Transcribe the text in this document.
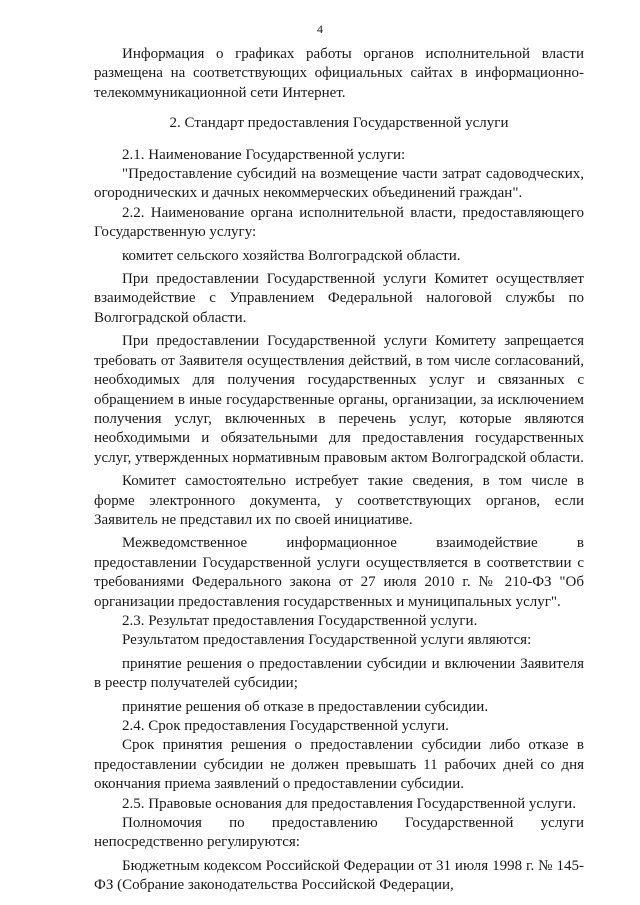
4

Информация о графиках работы органов исполнительной власти размещена на соответствующих официальных сайтах в информационно-телекоммуникационной сети Интернет.

2. Стандарт предоставления Государственной услуги

2.1. Наименование Государственной услуги:

"Предоставление субсидий на возмещение части затрат садоводческих, огороднических и дачных некоммерческих объединений граждан".

2.2. Наименование органа исполнительной власти, предоставляющего Государственную услугу:

комитет сельского хозяйства Волгоградской области.

При предоставлении Государственной услуги Комитет осуществляет взаимодействие с Управлением Федеральной налоговой службы по Волгоградской области.

При предоставлении Государственной услуги Комитету запрещается требовать от Заявителя осуществления действий, в том числе согласований, необходимых для получения государственных услуг и связанных с обращением в иные государственные органы, организации, за исключением получения услуг, включенных в перечень услуг, которые являются необходимыми и обязательными для предоставления государственных услуг, утвержденных нормативным правовым актом Волгоградской области.

Комитет самостоятельно истребует такие сведения, в том числе в форме электронного документа, у соответствующих органов, если Заявитель не представил их по своей инициативе.

Межведомственное информационное взаимодействие в предоставлении Государственной услуги осуществляется в соответствии с требованиями Федерального закона от 27 июля 2010 г. № 210-ФЗ "Об организации предоставления государственных и муниципальных услуг".

2.3. Результат предоставления Государственной услуги.

Результатом предоставления Государственной услуги являются:

принятие решения о предоставлении субсидии и включении Заявителя в реестр получателей субсидии;

принятие решения об отказе в предоставлении субсидии.

2.4. Срок предоставления Государственной услуги.

Срок принятия решения о предоставлении субсидии либо отказе в предоставлении субсидии не должен превышать 11 рабочих дней со дня окончания приема заявлений о предоставлении субсидии.

2.5. Правовые основания для предоставления Государственной услуги.

Полномочия по предоставлению Государственной услуги непосредственно регулируются:

Бюджетным кодексом Российской Федерации от 31 июля 1998 г. № 145-ФЗ (Собрание законодательства Российской Федерации,
